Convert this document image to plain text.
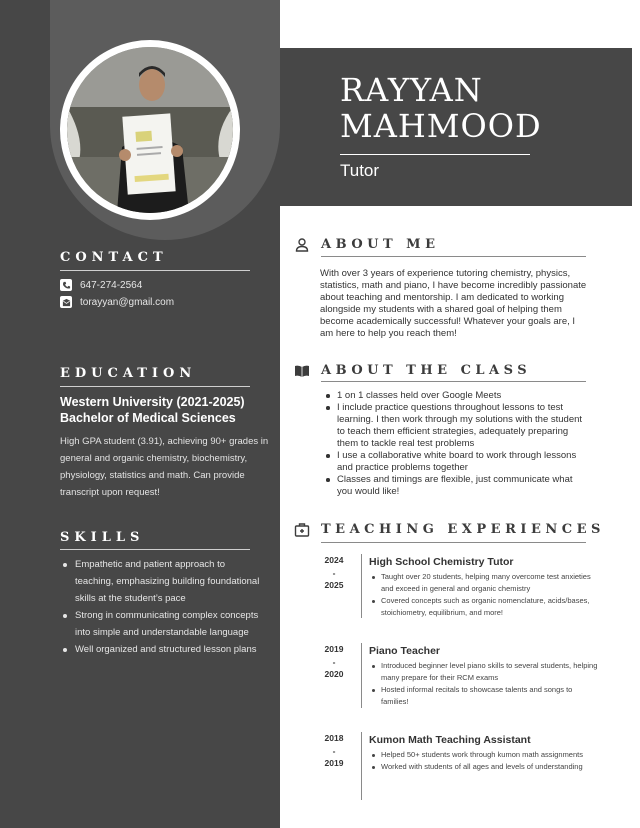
RAYYAN
MAHMOOD
Tutor
CONTACT
647-274-2564
torayyan@gmail.com
EDUCATION
Western University (2021-2025)
Bachelor of Medical Sciences
High GPA student (3.91), achieving 90+ grades in general and organic chemistry, biochemistry, physiology, statistics and math. Can provide transcript upon request!
SKILLS
Empathetic and patient approach to teaching, emphasizing building foundational skills at the student’s pace
Strong in communicating complex concepts into simple and understandable language
Well organized and structured lesson plans
ABOUT ME
With over 3 years of experience tutoring chemistry, physics, statistics, math and piano, I have become incredibly passionate about teaching and mentorship. I am dedicated to working alongside my students with a shared goal of helping them become academically successful! Whatever your goals are, I am here to help you reach them!
ABOUT THE CLASS
1 on 1 classes held over Google Meets
I include practice questions throughout lessons to test learning. I then work through my solutions with the student to teach them efficient strategies, adequately preparing them to tackle real test problems
I use a collaborative white board to work through lessons and practice problems together
Classes and timings are flexible, just communicate what you would like!
TEACHING EXPERIENCES
2024
-
2025
High School Chemistry Tutor
Taught over 20 students, helping many overcome test anxieties and exceed in general and organic chemistry
Covered concepts such as organic nomenclature, acids/bases, stoichiometry, equilibrium, and more!
2019
-
2020
Piano Teacher
Introduced beginner level piano skills to several students, helping many prepare for their RCM exams
Hosted informal recitals to showcase talents and songs to families!
2018
-
2019
Kumon Math Teaching Assistant
Helped 50+ students work through kumon math assignments
Worked with students of all ages and levels of understanding
